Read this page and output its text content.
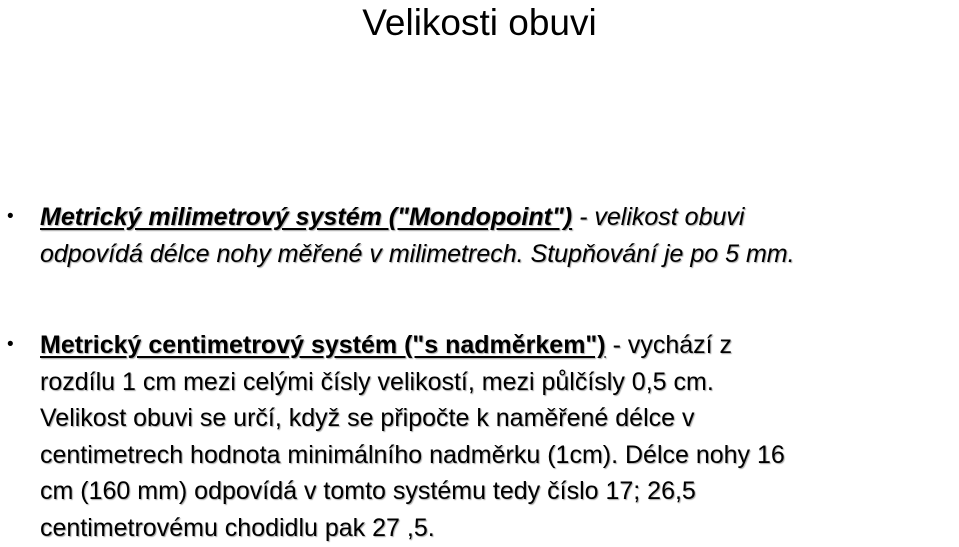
Velikosti obuvi
• Metrický milimetrový systém ("Mondopoint") - velikost obuvi
odpovídá délce nohy měřené v milimetrech. Stupňování je po 5 mm.
• Metrický centimetrový systém ("s nadměrkem") - vychází z
rozdílu 1 cm mezi celými čísly velikostí, mezi půlčísly 0,5 cm.
Velikost obuvi se určí, když se připočte k naměřené délce v
centimetrech hodnota minimálního nadměrku (1cm). Délce nohy 16
cm (160 mm) odpovídá v tomto systému tedy číslo 17; 26,5
centimetrovému chodidlu pak 27 ,5.
